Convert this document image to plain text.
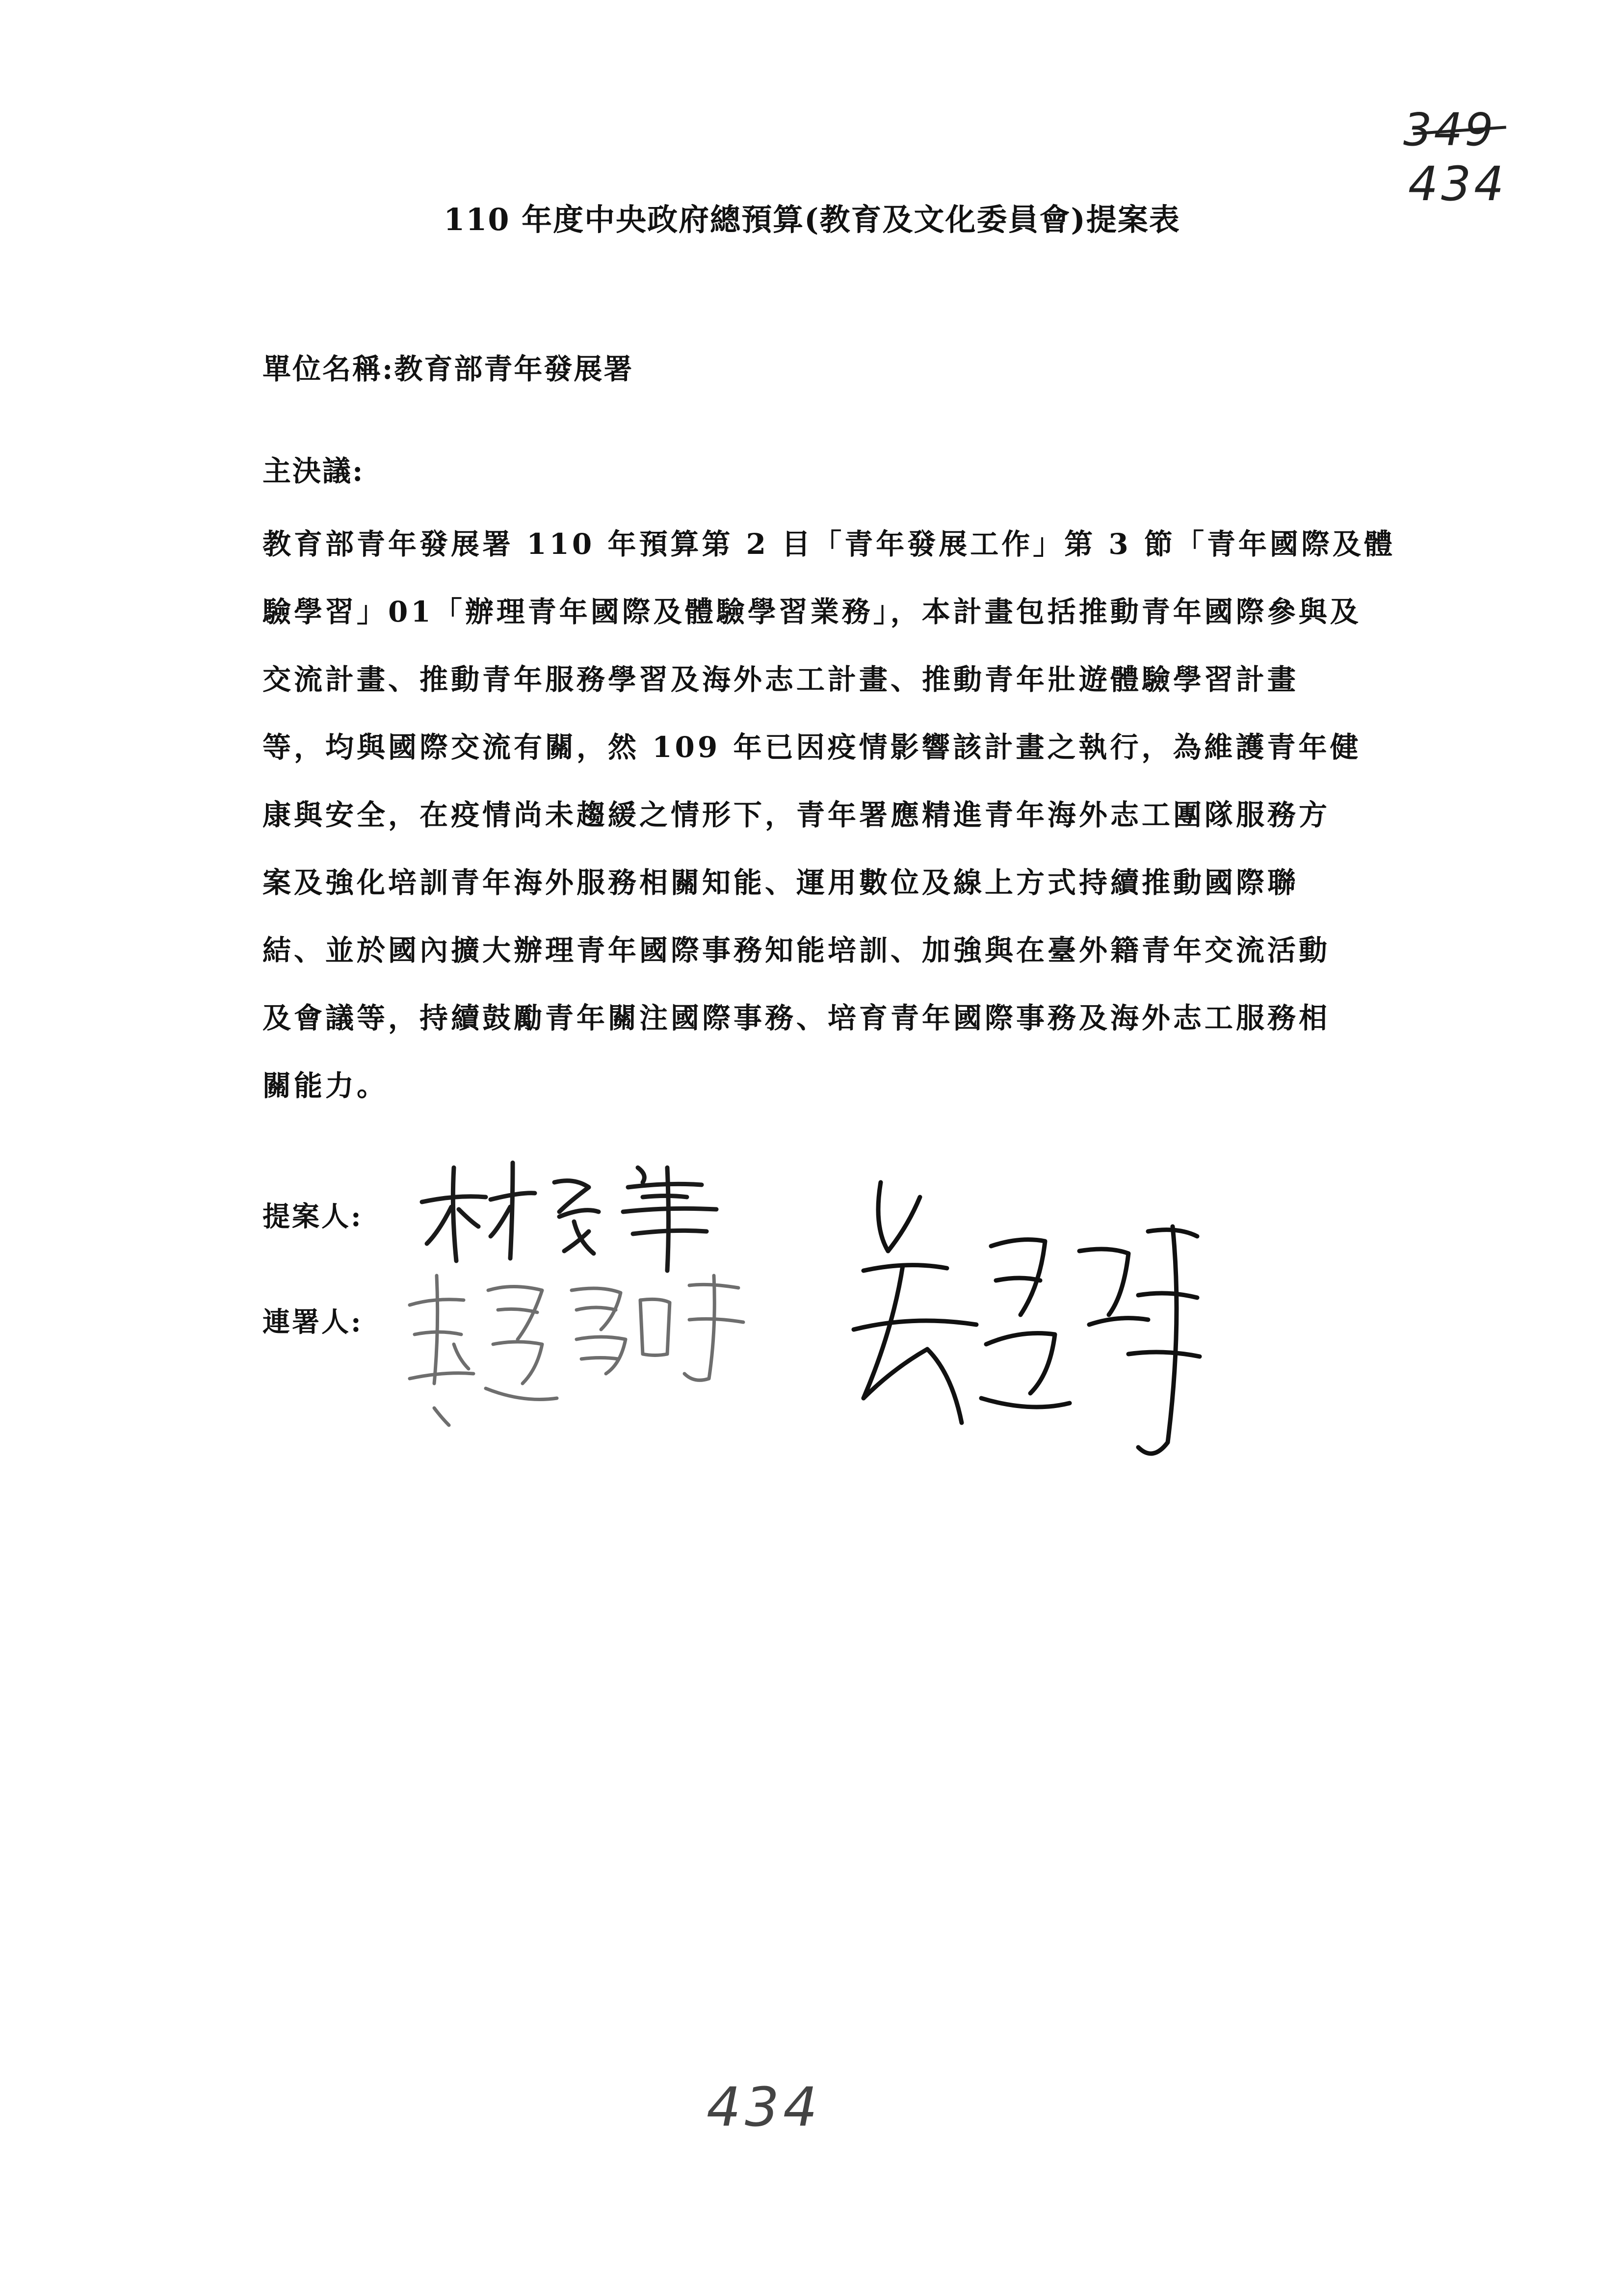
349
434
110 年度中央政府總預算(教育及文化委員會)提案表
單位名稱:教育部青年發展署
主決議:
教育部青年發展署 110 年預算第 2 目「青年發展工作」第 3 節「青年國際及體
驗學習」01「辦理青年國際及體驗學習業務」，本計畫包括推動青年國際參與及
交流計畫、推動青年服務學習及海外志工計畫、推動青年壯遊體驗學習計畫
等，均與國際交流有關，然 109 年已因疫情影響該計畫之執行，為維護青年健
康與安全，在疫情尚未趨緩之情形下，青年署應精進青年海外志工團隊服務方
案及強化培訓青年海外服務相關知能、運用數位及線上方式持續推動國際聯
結、並於國內擴大辦理青年國際事務知能培訓、加強與在臺外籍青年交流活動
及會議等，持續鼓勵青年關注國際事務、培育青年國際事務及海外志工服務相
關能力。
提案人:
連署人:
434
